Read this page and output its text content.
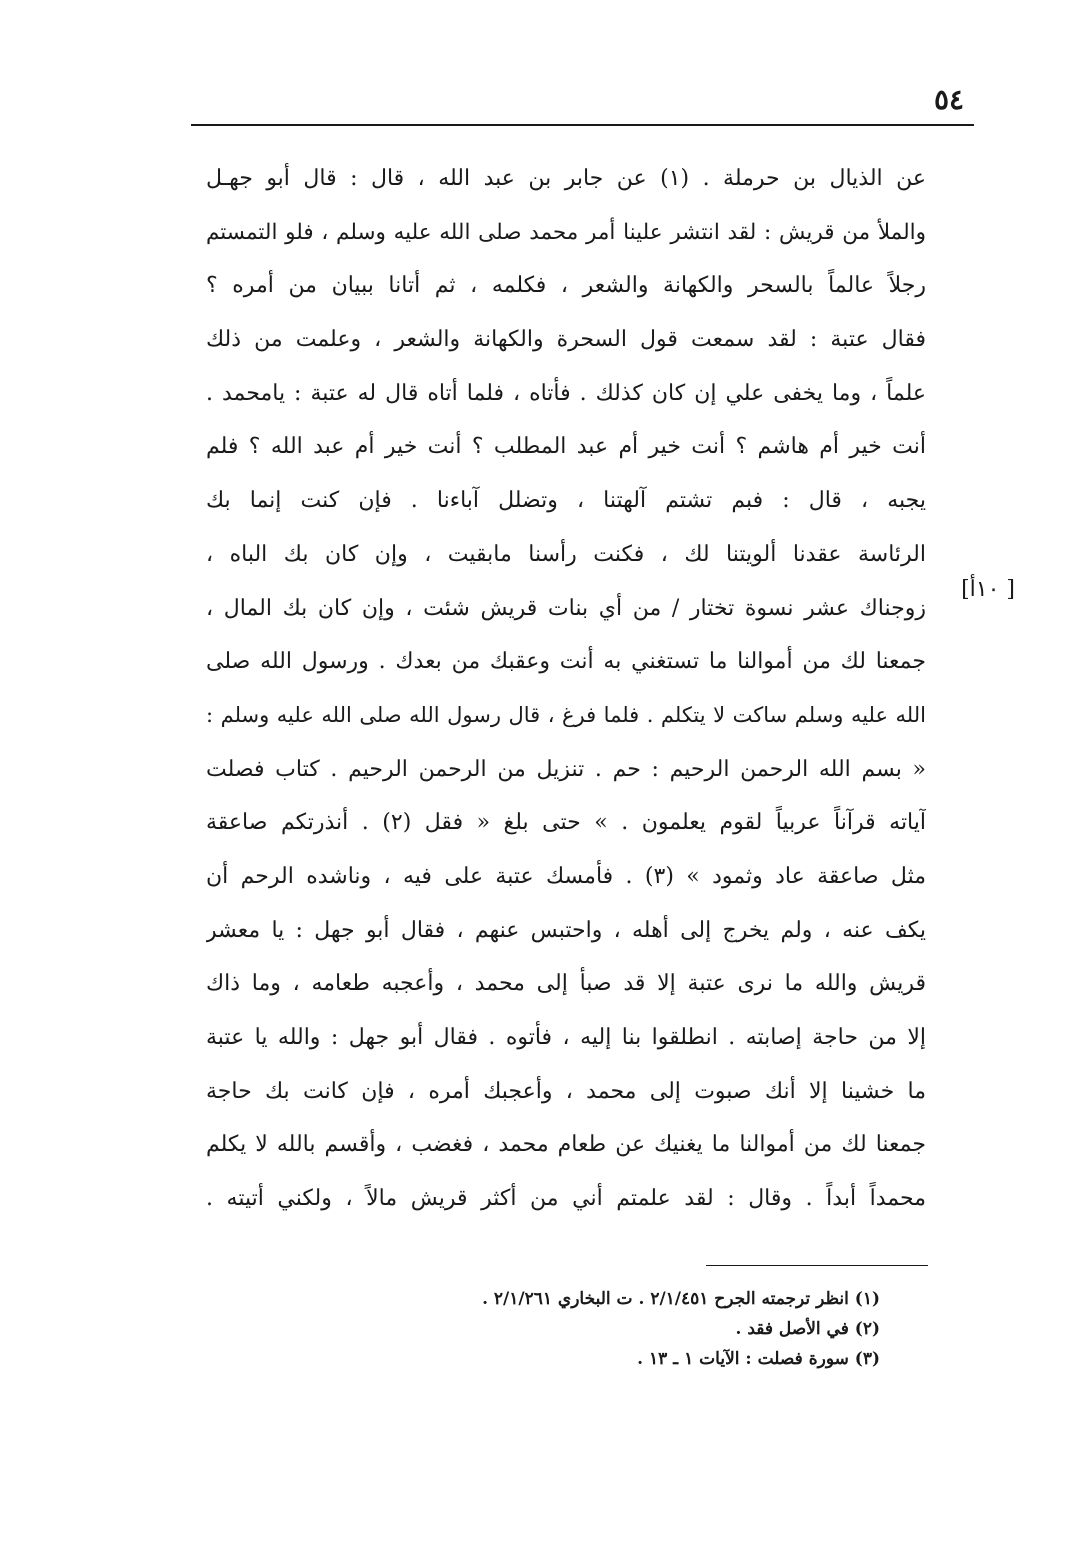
٥٤
[ ١٠أ]
عن الذيال بن حرملة . (١) عن جابر بن عبد الله ، قال : قال أبو جهـل
والملأ من قريش : لقد انتشر علينا أمر محمد صلى الله عليه وسلم ، فلو التمستم
رجلاً عالماً بالسحر والكهانة والشعر ، فكلمه ، ثم أتانا ببيان من أمره ؟
فقال عتبة : لقد سمعت قول السحرة والكهانة والشعر ، وعلمت من ذلك
علماً ، وما يخفى علي إن كان كذلك . فأتاه ، فلما أتاه قال له عتبة : يامحمد .
أنت خير أم هاشم ؟ أنت خير أم عبد المطلب ؟ أنت خير أم عبد الله ؟ فلم
يجبه ، قال : فبم تشتم آلهتنا ، وتضلل آباءنا . فإن كنت إنما بك
الرئاسة عقدنا ألويتنا لك ، فكنت رأسنا مابقيت ، وإن كان بك الباه ،
زوجناك عشر نسوة تختار / من أي بنات قريش شئت ، وإن كان بك المال ،
جمعنا لك من أموالنا ما تستغني به أنت وعقبك من بعدك . ورسول الله صلى
الله عليه وسلم ساكت لا يتكلم . فلما فرغ ، قال رسول الله صلى الله عليه وسلم :
« بسم الله الرحمن الرحيم : حم . تنزيل من الرحمن الرحيم . كتاب فصلت
آياته قرآناً عربياً لقوم يعلمون . » حتى بلغ « فقل (٢) . أنذرتكم صاعقة
مثل صاعقة عاد وثمود » (٣) . فأمسك عتبة على فيه ، وناشده الرحم أن
يكف عنه ، ولم يخرج إلى أهله ، واحتبس عنهم ، فقال أبو جهل : يا معشر
قريش والله ما نرى عتبة إلا قد صبأ إلى محمد ، وأعجبه طعامه ، وما ذاك
إلا من حاجة إصابته . انطلقوا بنا إليه ، فأتوه . فقال أبو جهل : والله يا عتبة
ما خشينا إلا أنك صبوت إلى محمد ، وأعجبك أمره ، فإن كانت بك حاجة
جمعنا لك من أموالنا ما يغنيك عن طعام محمد ، فغضب ، وأقسم بالله لا يكلم
محمداً أبداً . وقال : لقد علمتم أني من أكثر قريش مالاً ، ولكني أتيته .
(١) انظر ترجمته الجرح ٢/١/٤٥١ . ت البخاري ٢/١/٢٦١ .
(٢) في الأصل فقد .
(٣) سورة فصلت : الآيات ١ ـ ١٣ .
